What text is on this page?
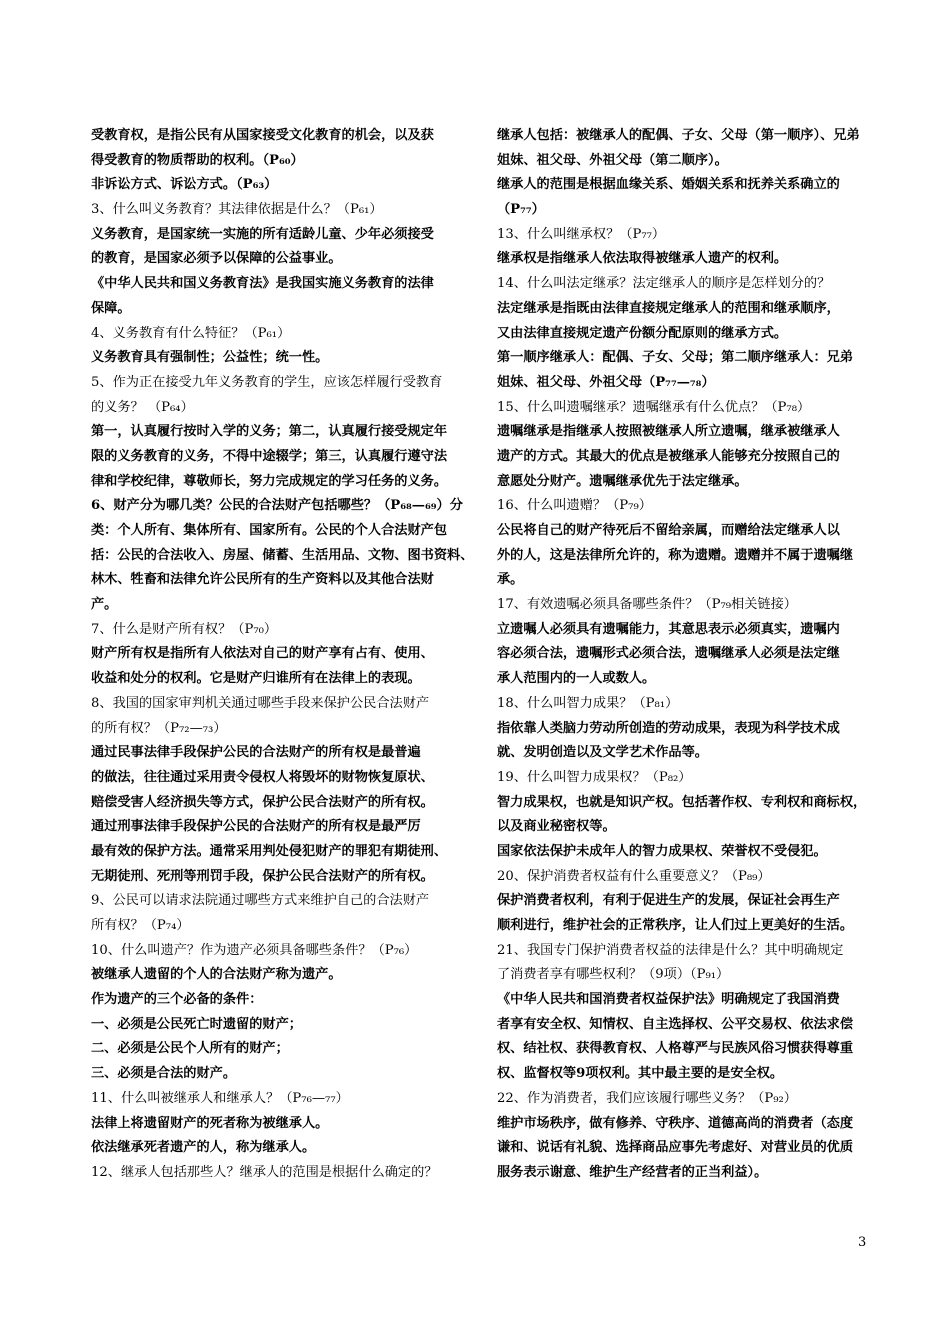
受教育权，是指公民有从国家接受文化教育的机会，以及获
得受教育的物质帮助的权利。（P₆₀）
非诉讼方式、诉讼方式。（P₆₃）
3、什么叫义务教育？其法律依据是什么？（P₆₁）
义务教育，是国家统一实施的所有适龄儿童、少年必须接受
的教育，是国家必须予以保障的公益事业。
《中华人民共和国义务教育法》是我国实施义务教育的法律
保障。
4、义务教育有什么特征？（P₆₁）
义务教育具有强制性；公益性；统一性。
5、作为正在接受九年义务教育的学生，应该怎样履行受教育
的义务？ （P₆₄）
第一，认真履行按时入学的义务；第二，认真履行接受规定年
限的义务教育的义务，不得中途辍学；第三，认真履行遵守法
律和学校纪律，尊敬师长，努力完成规定的学习任务的义务。
6、财产分为哪几类？公民的合法财产包括哪些？（P₆₈—₆₉）分
类：个人所有、集体所有、国家所有。公民的个人合法财产包
括：公民的合法收入、房屋、储蓄、生活用品、文物、图书资料、
林木、牲畜和法律允许公民所有的生产资料以及其他合法财
产。
7、什么是财产所有权？（P₇₀）
财产所有权是指所有人依法对自己的财产享有占有、使用、
收益和处分的权利。它是财产归谁所有在法律上的表现。
8、我国的国家审判机关通过哪些手段来保护公民合法财产
的所有权？（P₇₂—₇₃）
通过民事法律手段保护公民的合法财产的所有权是最普遍
的做法，往往通过采用责令侵权人将毁坏的财物恢复原状、
赔偿受害人经济损失等方式，保护公民合法财产的所有权。
通过刑事法律手段保护公民的合法财产的所有权是最严厉
最有效的保护方法。通常采用判处侵犯财产的罪犯有期徒刑、
无期徒刑、死刑等刑罚手段，保护公民合法财产的所有权。
9、公民可以请求法院通过哪些方式来维护自己的合法财产
所有权？（P₇₄）
10、什么叫遗产？作为遗产必须具备哪些条件？（P₇₆）
被继承人遗留的个人的合法财产称为遗产。
作为遗产的三个必备的条件：
一、必须是公民死亡时遗留的财产；
二、必须是公民个人所有的财产；
三、必须是合法的财产。
11、什么叫被继承人和继承人？（P₇₆—₇₇）
法律上将遗留财产的死者称为被继承人。
依法继承死者遗产的人，称为继承人。
12、继承人包括那些人？继承人的范围是根据什么确定的？
继承人包括：被继承人的配偶、子女、父母（第一顺序）、兄弟
姐妹、祖父母、外祖父母（第二顺序）。
继承人的范围是根据血缘关系、婚姻关系和抚养关系确立的
（P₇₇）
13、什么叫继承权？（P₇₇）
继承权是指继承人依法取得被继承人遗产的权利。
14、什么叫法定继承？法定继承人的顺序是怎样划分的？
法定继承是指既由法律直接规定继承人的范围和继承顺序，
又由法律直接规定遗产份额分配原则的继承方式。
第一顺序继承人：配偶、子女、父母；第二顺序继承人：兄弟
姐妹、祖父母、外祖父母（P₇₇—₇₈）
15、什么叫遗嘱继承？遗嘱继承有什么优点？（P₇₈）
遗嘱继承是指继承人按照被继承人所立遗嘱，继承被继承人
遗产的方式。其最大的优点是被继承人能够充分按照自己的
意愿处分财产。遗嘱继承优先于法定继承。
16、什么叫遗赠？（P₇₉）
公民将自己的财产待死后不留给亲属，而赠给法定继承人以
外的人，这是法律所允许的，称为遗赠。遗赠并不属于遗嘱继
承。
17、有效遗嘱必须具备哪些条件？（P₇₉相关链接）
立遗嘱人必须具有遗嘱能力，其意思表示必须真实，遗嘱内
容必须合法，遗嘱形式必须合法，遗嘱继承人必须是法定继
承人范围内的一人或数人。
18、什么叫智力成果？（P₈₁）
指依靠人类脑力劳动所创造的劳动成果，表现为科学技术成
就、发明创造以及文学艺术作品等。
19、什么叫智力成果权？（P₈₂）
智力成果权，也就是知识产权。包括著作权、专利权和商标权，
以及商业秘密权等。
国家依法保护未成年人的智力成果权、荣誉权不受侵犯。
20、保护消费者权益有什么重要意义？（P₈₉）
保护消费者权利，有利于促进生产的发展，保证社会再生产
顺利进行，维护社会的正常秩序，让人们过上更美好的生活。
21、我国专门保护消费者权益的法律是什么？其中明确规定
了消费者享有哪些权利？（9项）（P₉₁）
《中华人民共和国消费者权益保护法》明确规定了我国消费
者享有安全权、知情权、自主选择权、公平交易权、依法求偿
权、结社权、获得教育权、人格尊严与民族风俗习惯获得尊重
权、监督权等9项权利。其中最主要的是安全权。
22、作为消费者，我们应该履行哪些义务？（P₉₂）
维护市场秩序，做有修养、守秩序、道德高尚的消费者（态度
谦和、说话有礼貌、选择商品应事先考虑好、对营业员的优质
服务表示谢意、维护生产经营者的正当利益）。
3
